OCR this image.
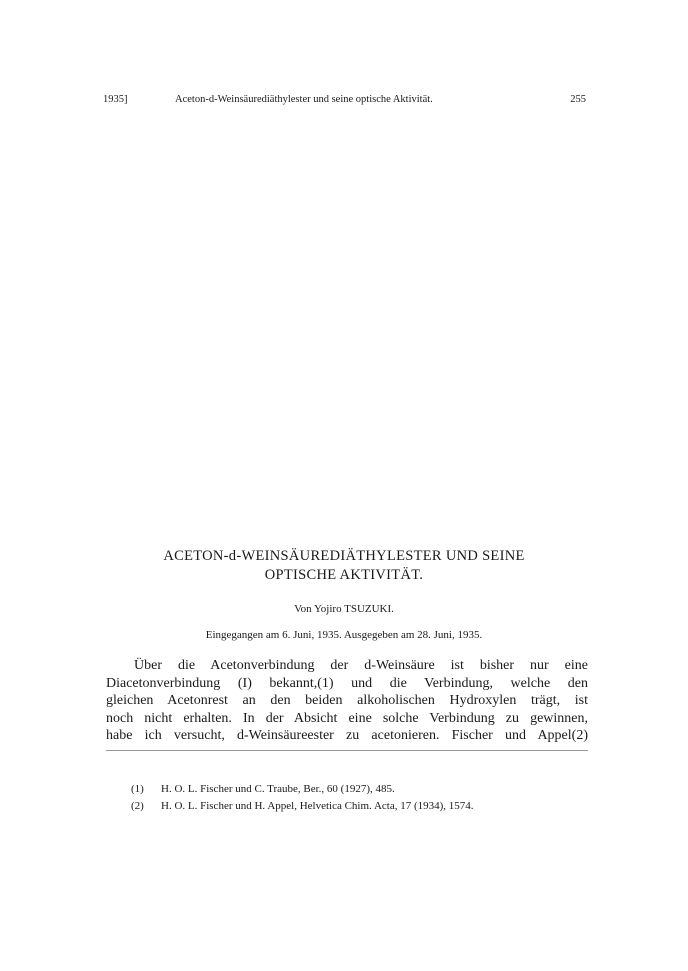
1935]	Aceton-d-Weinsäurediäthylester und seine optische Aktivität.	255
ACETON-d-WEINSÄUREDIÄTHYLESTER UND SEINE
OPTISCHE AKTIVITÄT.
Von Yojiro TSUZUKI.
Eingegangen am 6. Juni, 1935. Ausgegeben am 28. Juni, 1935.
Über die Acetonverbindung der d-Weinsäure ist bisher nur eine
Diacetonverbindung (I) bekannt,(1) und die Verbindung, welche den
gleichen Acetonrest an den beiden alkoholischen Hydroxylen trägt, ist
noch nicht erhalten. In der Absicht eine solche Verbindung zu gewinnen,
habe ich versucht, d-Weinsäureester zu acetonieren. Fischer und Appel(2)
(1) H. O. L. Fischer und C. Traube, Ber., 60 (1927), 485.
(2) H. O. L. Fischer und H. Appel, Helvetica Chim. Acta, 17 (1934), 1574.
